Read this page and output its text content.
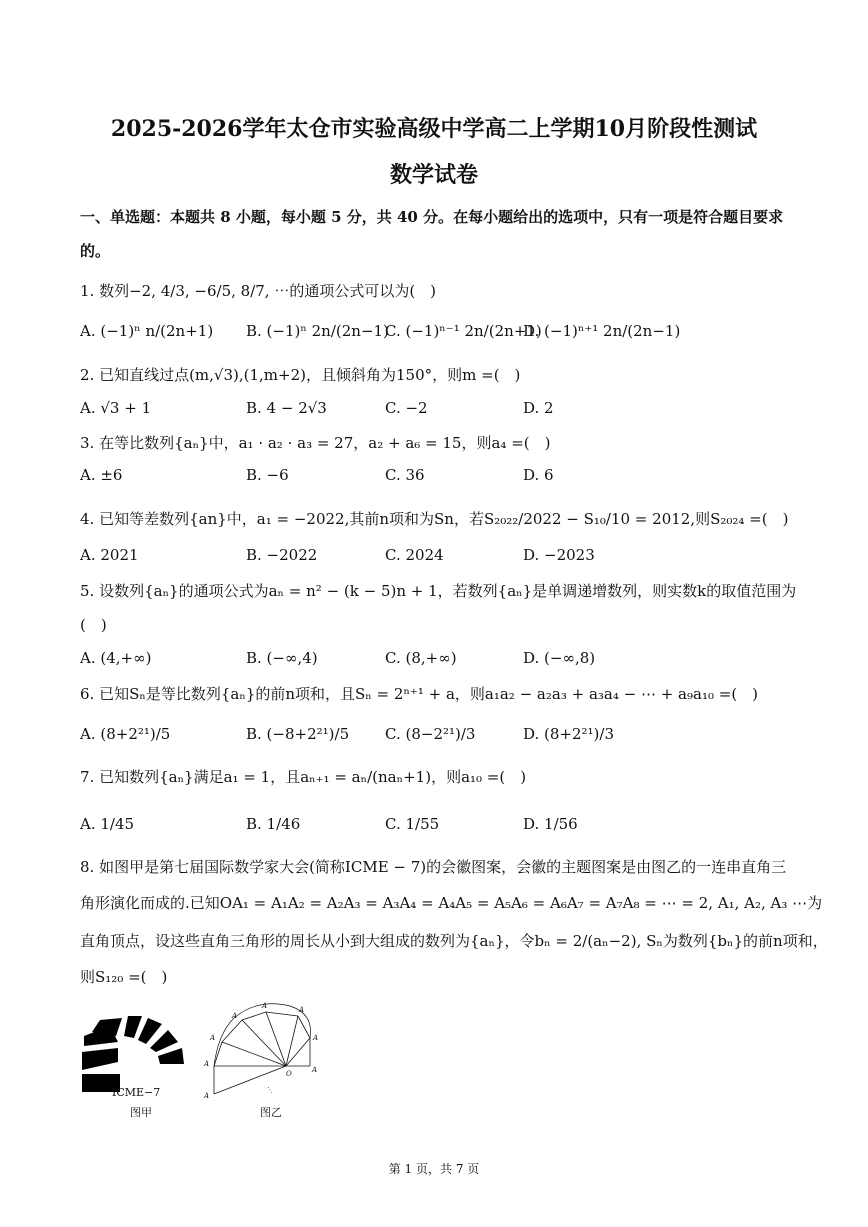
2025-2026学年太仓市实验高级中学高二上学期10月阶段性测试
数学试卷
一、单选题：本题共 8 小题，每小题 5 分，共 40 分。在每小题给出的选项中，只有一项是符合题目要求
的。
1. 数列−2, 4/3, −6/5, 8/7, ⋯的通项公式可以为(　)
A. (−1)ⁿ n/(2n+1) B. (−1)ⁿ 2n/(2n−1)
C. (−1)ⁿ⁻¹ 2n/(2n+1)
D. (−1)ⁿ⁺¹ 2n/(2n−1)
2. 已知直线过点(m,√3),(1,m+2)，且倾斜角为150°，则m =(　)
A. √3 + 1	B. 4 − 2√3	C. −2	D. 2
3. 在等比数列{aₙ}中，a₁ · a₂ · a₃ = 27，a₂ + a₆ = 15，则a₄ =(　)
A. ±6	B. −6	C. 36	D. 6
4. 已知等差数列{an}中，a₁ = −2022,其前n项和为Sn，若S₂₀₂₂/2022 − S₁₀/10 = 2012,则S₂₀₂₄ =(　)
A. 2021	B. −2022	C. 2024	D. −2023
5. 设数列{aₙ}的通项公式为aₙ = n² − (k − 5)n + 1，若数列{aₙ}是单调递增数列，则实数k的取值范围为
(　)
A. (4,+∞)	B. (−∞,4)	C. (8,+∞)	D. (−∞,8)
6. 已知Sₙ是等比数列{aₙ}的前n项和，且Sₙ = 2ⁿ⁺¹ + a，则a₁a₂ − a₂a₃ + a₃a₄ − ⋯ + a₉a₁₀ =(　)
A. (8+2²¹)/5	B. (−8+2²¹)/5 C. (8−2²¹)/3	D. (8+2²¹)/3
7. 已知数列{aₙ}满足a₁ = 1，且aₙ₊₁ = aₙ/(naₙ+1)，则a₁₀ =(　)
A. 1/45	B. 1/46	C. 1/55	D. 1/56
8. 如图甲是第七届国际数学家大会(简称ICME − 7)的会徽图案，会徽的主题图案是由图乙的一连串直角三
角形演化而成的.已知OA₁ = A₁A₂ = A₂A₃ = A₃A₄ = A₄A₅ = A₅A₆ = A₆A₇ = A₇A₈ = ⋯ = 2, A₁, A₂, A₃ ⋯为
直角顶点，设这些直角三角形的周长从小到大组成的数列为{aₙ}，令bₙ = 2/(aₙ−2), Sₙ为数列{bₙ}的前n项和，
则S₁₂₀ =(　)
ICME−7
图甲
O	A
A
A
A
A
A
A
A
⋱
图乙
第 1 页，共 7 页
